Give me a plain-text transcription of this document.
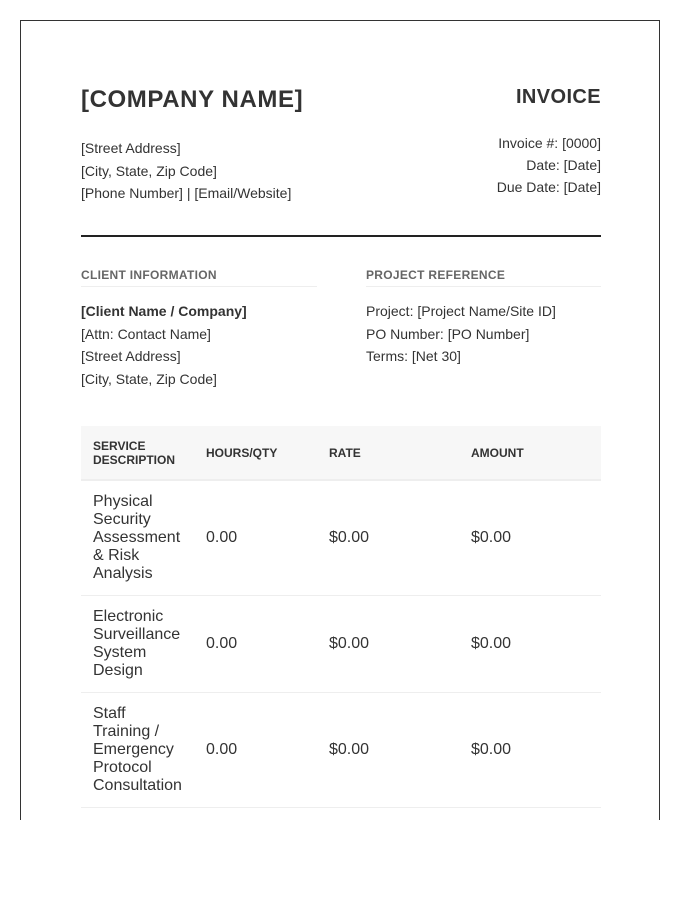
[COMPANY NAME]
[Street Address]
[City, State, Zip Code]
[Phone Number] | [Email/Website]
INVOICE
Invoice #: [0000]
Date: [Date]
Due Date: [Date]
CLIENT INFORMATION
[Client Name / Company]
[Attn: Contact Name]
[Street Address]
[City, State, Zip Code]
PROJECT REFERENCE
Project: [Project Name/Site ID]
PO Number: [PO Number]
Terms: [Net 30]
SERVICE DESCRIPTION	HOURS/QTY	RATE	AMOUNT
Physical Security Assessment & Risk Analysis	0.00	$0.00	$0.00
Electronic Surveillance System Design	0.00	$0.00	$0.00
Staff Training / Emergency Protocol Consultation	0.00	$0.00	$0.00
